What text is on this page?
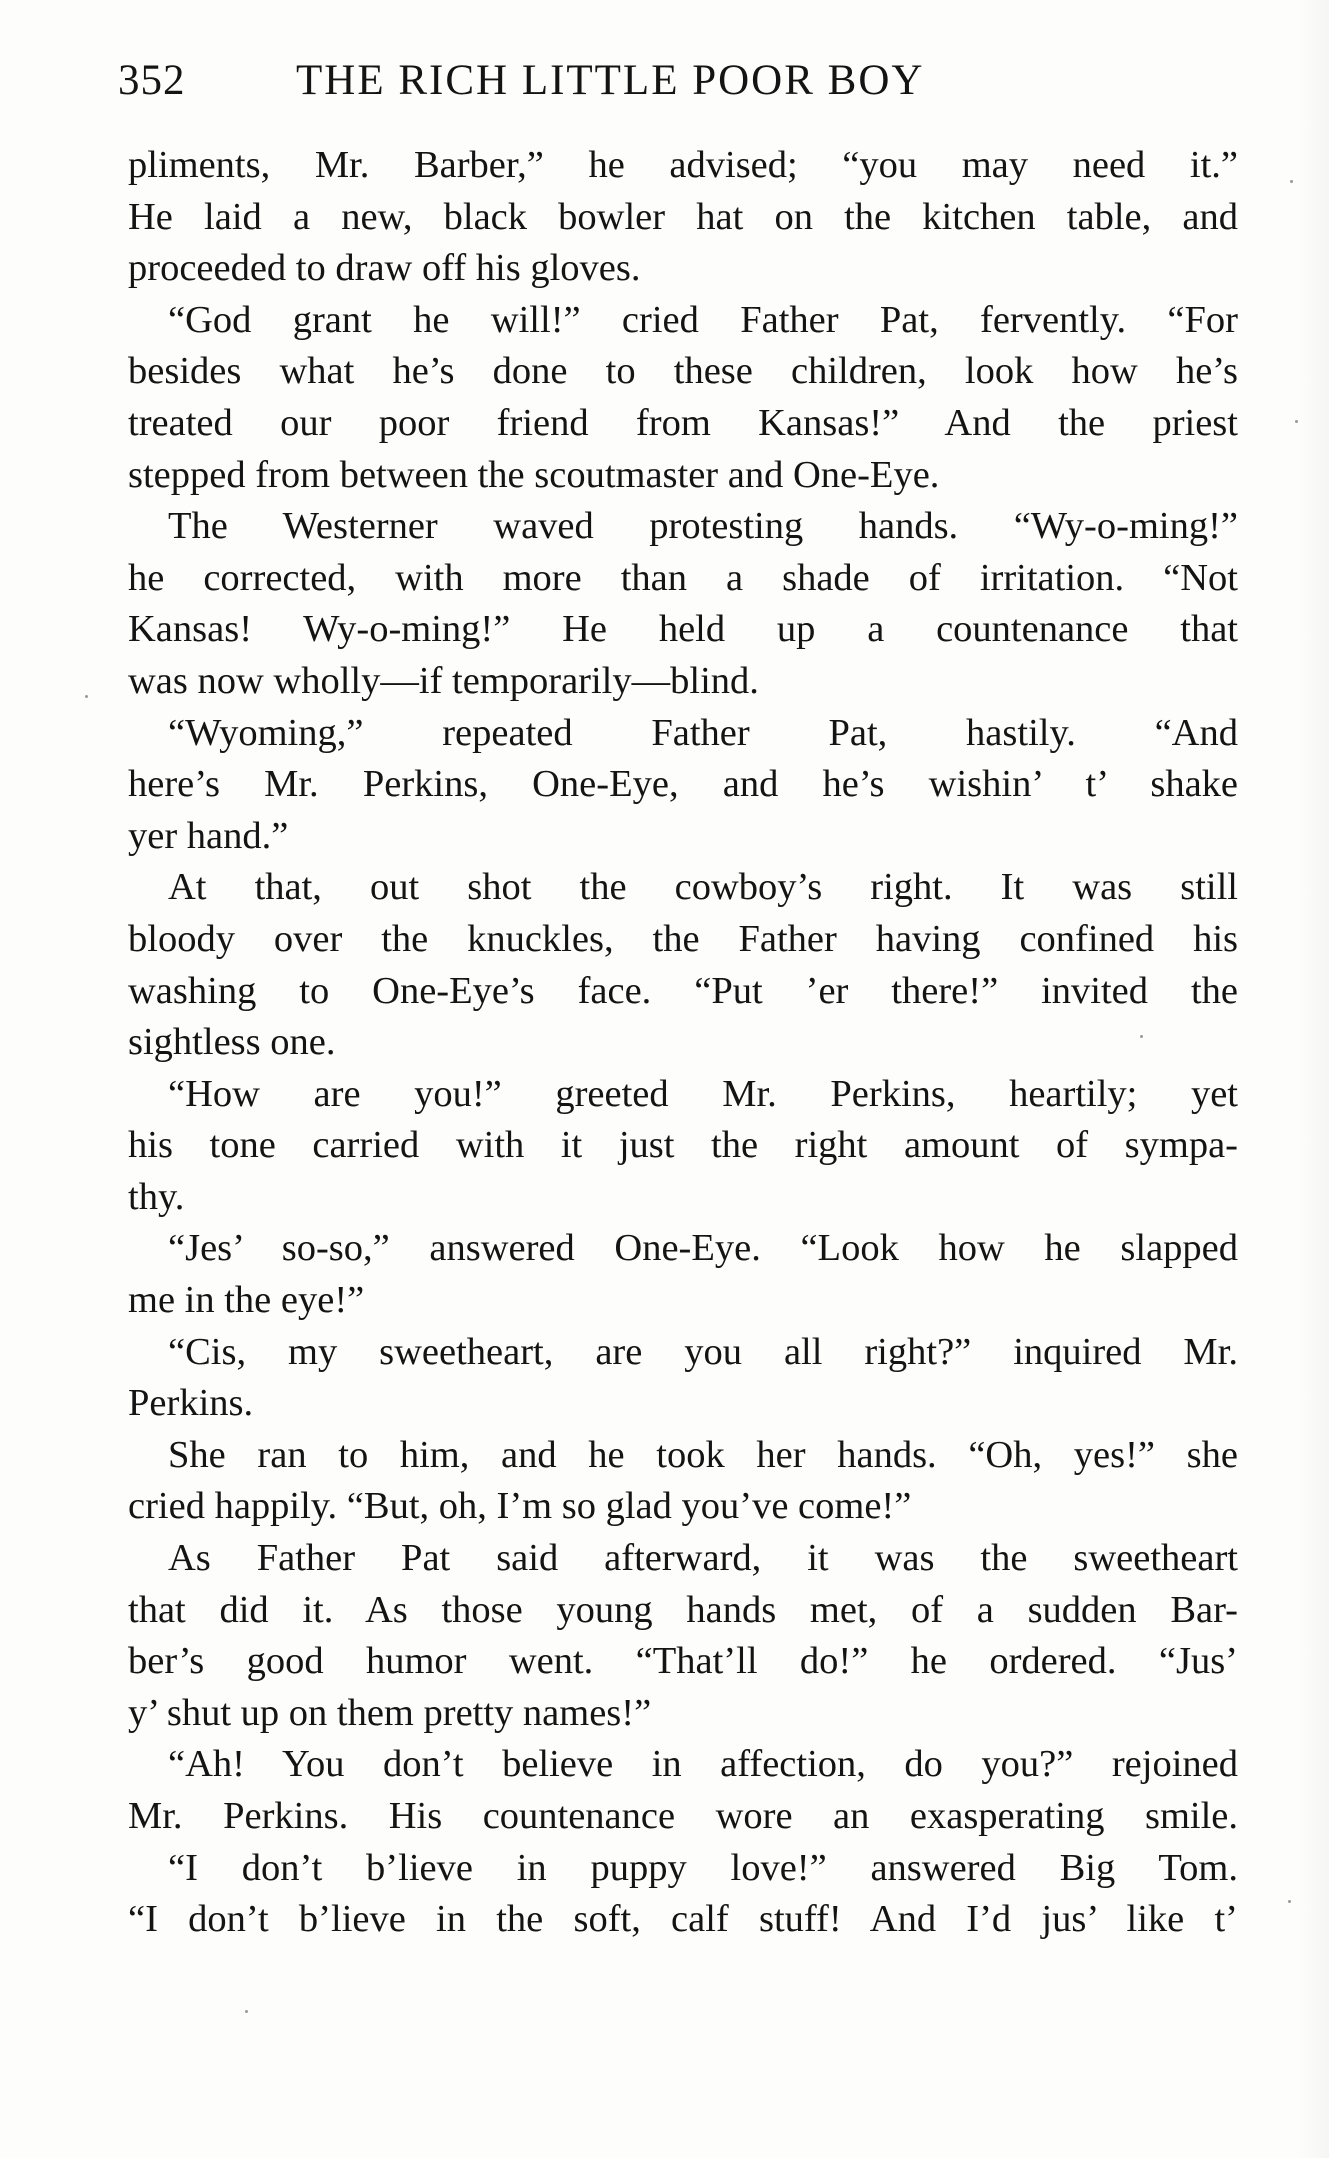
352	THE RICH LITTLE POOR BOY
pliments, Mr. Barber,” he advised; “you may need it.”
He laid a new, black bowler hat on the kitchen table, and
proceeded to draw off his gloves.
“God grant he will!” cried Father Pat, fervently. “For
besides what he’s done to these children, look how he’s
treated our poor friend from Kansas!” And the priest
stepped from between the scoutmaster and One-Eye.
The Westerner waved protesting hands. “Wy-o-ming!”
he corrected, with more than a shade of irritation. “Not
Kansas! Wy-o-ming!” He held up a countenance that
was now wholly—if temporarily—blind.
“Wyoming,” repeated Father Pat, hastily. “And
here’s Mr. Perkins, One-Eye, and he’s wishin’ t’ shake
yer hand.”
At that, out shot the cowboy’s right. It was still
bloody over the knuckles, the Father having confined his
washing to One-Eye’s face. “Put ’er there!” invited the
sightless one.
“How are you!” greeted Mr. Perkins, heartily; yet
his tone carried with it just the right amount of sympa-
thy.
“Jes’ so-so,” answered One-Eye. “Look how he slapped
me in the eye!”
“Cis, my sweetheart, are you all right?” inquired Mr.
Perkins.
She ran to him, and he took her hands. “Oh, yes!” she
cried happily. “But, oh, I’m so glad you’ve come!”
As Father Pat said afterward, it was the sweetheart
that did it. As those young hands met, of a sudden Bar-
ber’s good humor went. “That’ll do!” he ordered. “Jus’
y’ shut up on them pretty names!”
“Ah! You don’t believe in affection, do you?” rejoined
Mr. Perkins. His countenance wore an exasperating smile.
“I don’t b’lieve in puppy love!” answered Big Tom.
“I don’t b’lieve in the soft, calf stuff! And I’d jus’ like t’
